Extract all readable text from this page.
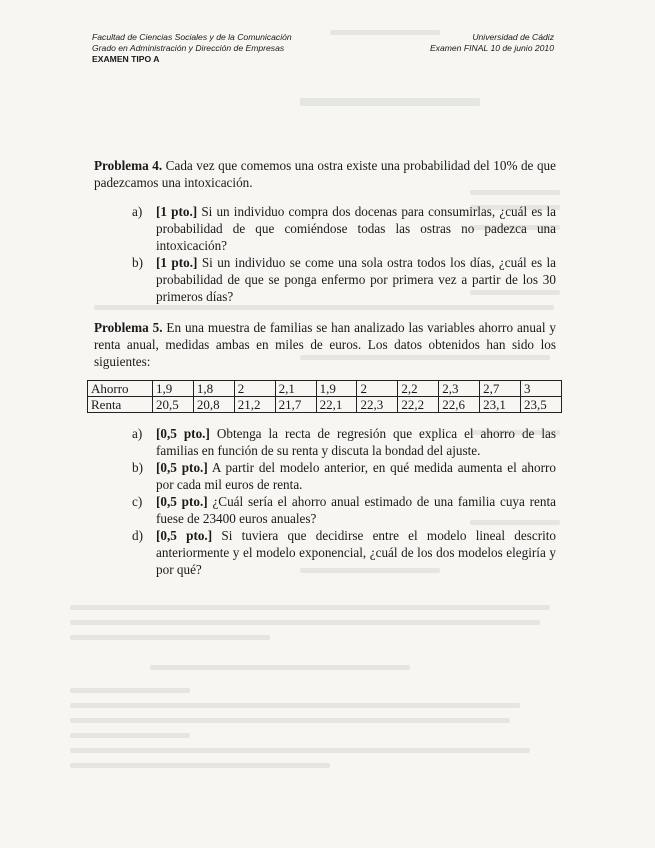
Facultad de Ciencias Sociales y de la Comunicación
Grado en Administración y Dirección de Empresas
EXAMEN TIPO A
Universidad de Cádiz
Examen FINAL 10 de junio 2010
Problema 4. Cada vez que comemos una ostra existe una probabilidad del 10% de que padezcamos una intoxicación.
a) [1 pto.] Si un individuo compra dos docenas para consumirlas, ¿cuál es la probabilidad de que comiéndose todas las ostras no padezca una intoxicación?
b) [1 pto.] Si un individuo se come una sola ostra todos los días, ¿cuál es la probabilidad de que se ponga enfermo por primera vez a partir de los 30 primeros días?
Problema 5. En una muestra de familias se han analizado las variables ahorro anual y renta anual, medidas ambas en miles de euros. Los datos obtenidos han sido los siguientes:
Ahorro	1,9	1,8	2	2,1	1,9	2	2,2	2,3	2,7	3
Renta	20,5	20,8	21,2	21,7	22,1	22,3	22,2	22,6	23,1	23,5
a) [0,5 pto.] Obtenga la recta de regresión que explica el ahorro de las familias en función de su renta y discuta la bondad del ajuste.
b) [0,5 pto.] A partir del modelo anterior, en qué medida aumenta el ahorro por cada mil euros de renta.
c) [0,5 pto.] ¿Cuál sería el ahorro anual estimado de una familia cuya renta fuese de 23400 euros anuales?
d) [0,5 pto.] Si tuviera que decidirse entre el modelo lineal descrito anteriormente y el modelo exponencial, ¿cuál de los dos modelos elegiría y por qué?
